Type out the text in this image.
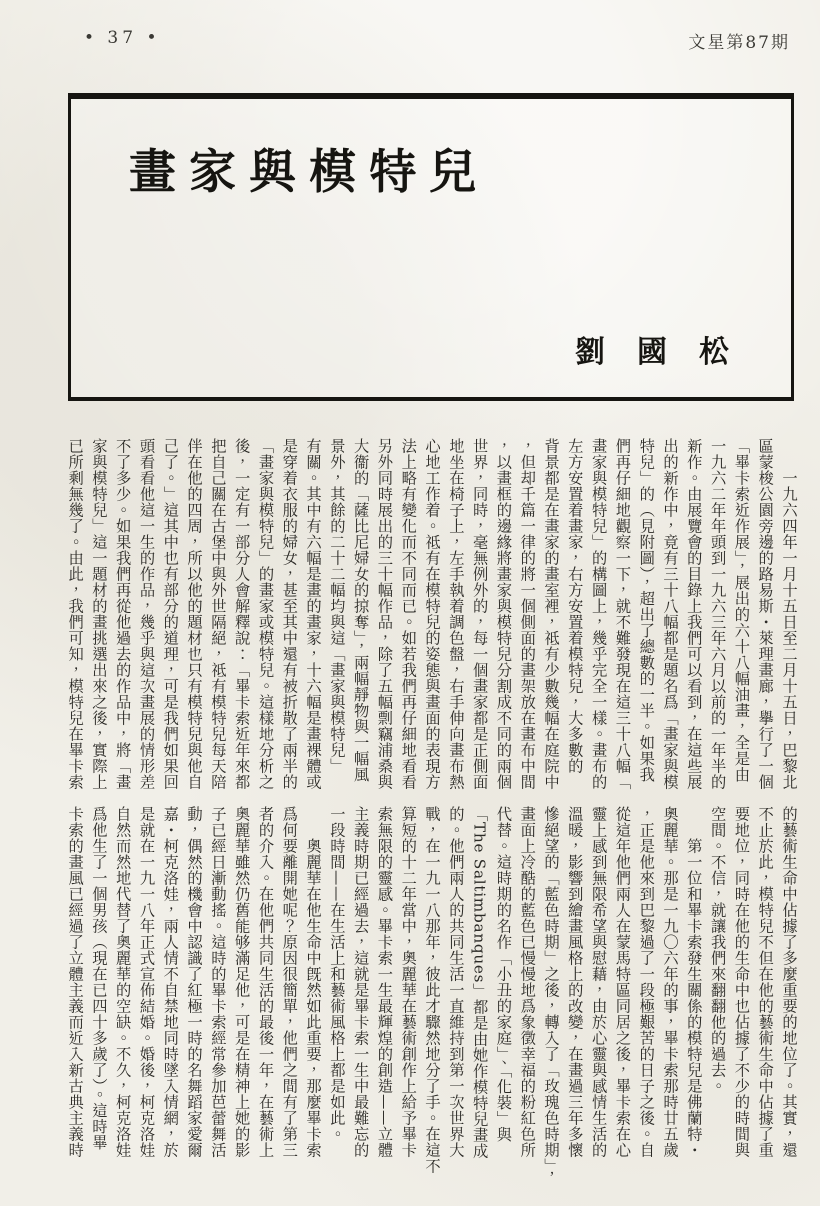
• 37 •	文星第87期
畫家與模特兒
劉國松
　　一九六四年一月十五日至二月十五日，巴黎北
區蒙梭公園旁邊的路易斯・萊理畫廊，擧行了一個
「畢卡索近作展」，展出的六十八幅油畫，全是由
一九六二年年頭到一九六三年六月以前的一年半的
新作。由展覽會的目錄上我們可以看到，在這些展
出的新作中，竟有三十八幅都是題名爲「畫家與模
特兒」的（見附圖），超出了總數的一半。如果我
們再仔細地觀察一下，就不難發現在這三十八幅「
畫家與模特兒」的構圖上，幾乎完全一樣。畫布的
左方安置着畫家，右方安置着模特兒，大多數的
背景都是在畫家的畫室裡，祗有少數幾幅在庭院中
，但却千篇一律的將一個側面的畫架放在畫布中間
，以畫框的邊緣將畫家與模特兒分割成不同的兩個
世界，同時，毫無例外的，每一個畫家都是正側面
地坐在椅子上，左手執着調色盤，右手伸向畫布熱
心地工作着。祗有在模特兒的姿態與畫面的表現方
法上略有變化而不同而已。如若我們再仔細地看看
另外同時展出的三十幅作品，除了五幅剽竊浦桑與
大衞的「薩比尼婦女的掠奪」，兩幅靜物與一幅風
景外，其餘的二十二幅均與這「畫家與模特兒」
有關。其中有六幅是畫的畫家，十六幅是畫裸體或
是穿着衣服的婦女，甚至其中還有被折散了兩半的
「畫家與模特兒」的畫家或模特兒。這樣地分析之
後，一定有一部分人會解釋說：「畢卡索近年來都
把自己關在古堡中與外世隔絕，祗有模特兒每天陪
伴在他的四周，所以他的題材也只有模特兒與他自
己了。」這其中也有部分的道理，可是我們如果回
頭看看他這一生的作品，幾乎與這次畫展的情形差
不了多少。如果我們再從他過去的作品中，將「畫
家與模特兒」這一題材的畫挑選出來之後，實際上
已所剩無幾了。由此，我們可知，模特兒在畢卡索
的藝術生命中佔據了多麼重要的地位了。其實，還
不止於此，模特兒不但在他的藝術生命中佔據了重
要地位，同時在他的生命中也佔據了不少的時間與
空間。不信，就讓我們來翻翻他的過去。
　　第一位和畢卡索發生關係的模特兒是佛蘭特・
奧麗華。那是一九〇六年的事，畢卡索那時廿五歲
，正是他來到巴黎過了一段極艱苦的日子之後。自
從這年他們兩人在蒙馬特區同居之後，畢卡索在心
靈上感到無限希望與慰藉，由於心靈與感情生活的
溫暖，影響到繪畫風格上的改變，在畫過三年多懷
慘絕望的「藍色時期」之後，轉入了「玫瑰色時期」，
畫面上冷酷的藍色已慢慢地爲象徵幸福的粉紅色所
代替。這時期的名作「小丑的家庭」、「化裝」與
「The Saltimbanques」都是由她作模特兒畫成
的。他們兩人的共同生活一直維持到第一次世界大
戰，在一九一八那年，彼此才驟然地分了手。在這不
算短的十二年當中，奧麗華在藝術創作上給予畢卡
索無限的靈感。畢卡索一生最輝煌的創造——立體
主義時期已經過去，這就是畢卡索一生中最難忘的
一段時間——在生活上和藝術風格上都是如此。
　　奧麗華在他生命中旣然如此重要，那麼畢卡索
爲何要離開她呢？原因很簡單，他們之間有了第三
者的介入。在他們共同生活的最後一年，在藝術上
奧麗華雖然仍舊能够滿足他，可是在精神上她的影
子已經日漸動搖。這時的畢卡索經常參加芭蕾舞活
動，偶然的機會中認識了紅極一時的名舞蹈家愛爾
嘉・柯克洛娃，兩人情不自禁地同時墜入情網，於
是就在一九一八年正式宣佈結婚。婚後，柯克洛娃
自然而然地代替了奧麗華的空缺。不久，柯克洛娃
爲他生了一個男孩（現在已四十多歲了）。這時畢
卡索的畫風已經過了立體主義而近入新古典主義時
